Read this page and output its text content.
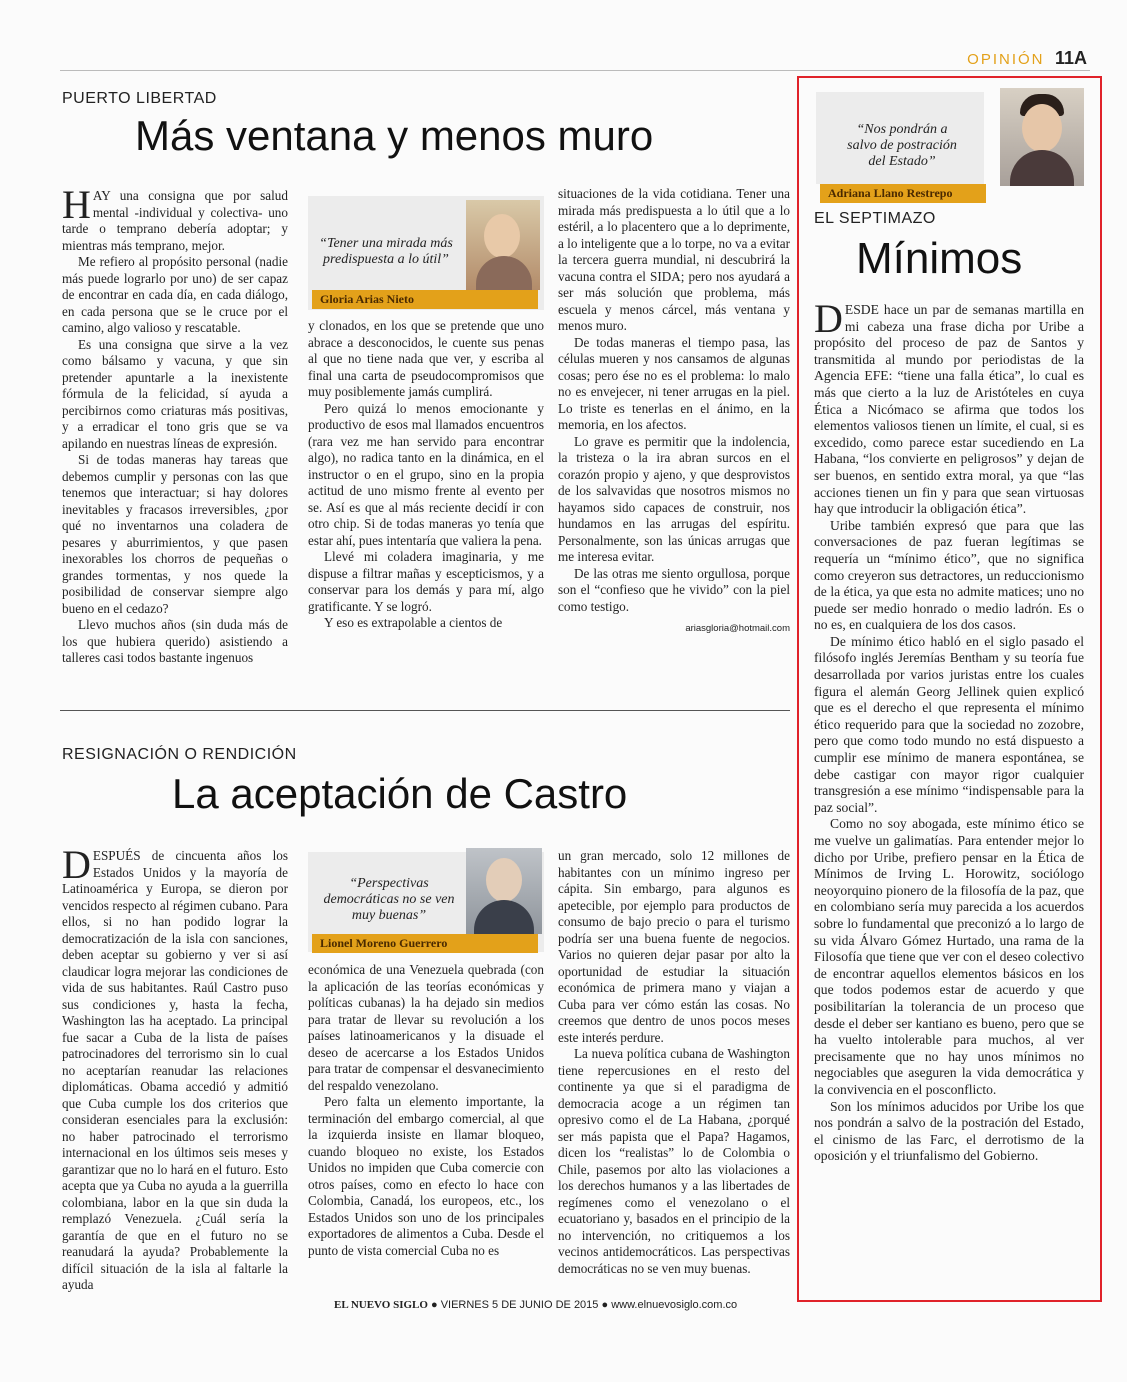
OPINIÓN 11A
PUERTO LIBERTAD
Más ventana y menos muro

HAY una consigna que por salud mental -individual y colectiva- uno tarde o temprano debería adoptar; y mientras más temprano, mejor.

Me refiero al propósito personal (nadie más puede lograrlo por uno) de ser capaz de encontrar en cada día, en cada diálogo, en cada persona que se le cruce por el camino, algo valioso y rescatable.

Es una consigna que sirve a la vez como bálsamo y vacuna, y que sin pretender apuntarle a la inexistente fórmula de la felicidad, sí ayuda a percibirnos como criaturas más positivas, y a erradicar el tono gris que se va apilando en nuestras líneas de expresión.

Si de todas maneras hay tareas que debemos cumplir y personas con las que tenemos que interactuar; si hay dolores inevitables y fracasos irreversibles, ¿por qué no inventarnos una coladera de pesares y aburrimientos, y que pasen inexorables los chorros de pequeñas o grandes tormentas, y nos quede la posibilidad de conservar siempre algo bueno en el cedazo?

Llevo muchos años (sin duda más de los que hubiera querido) asistiendo a talleres casi todos bastante ingenuos

“Tener una mirada más predispuesta a lo útil”
Gloria Arias Nieto

y clonados, en los que se pretende que uno abrace a desconocidos, le cuente sus penas al que no tiene nada que ver, y escriba al final una carta de pseudocompromisos que muy posiblemente jamás cumplirá.

Pero quizá lo menos emocionante y productivo de esos mal llamados encuentros (rara vez me han servido para encontrar algo), no radica tanto en la dinámica, en el instructor o en el grupo, sino en la propia actitud de uno mismo frente al evento per se. Así es que al más reciente decidí ir con otro chip. Si de todas maneras yo tenía que estar ahí, pues intentaría que valiera la pena.

Llevé mi coladera imaginaria, y me dispuse a filtrar mañas y escepticismos, y a conservar para los demás y para mí, algo gratificante. Y se logró.

Y eso es extrapolable a cientos de

situaciones de la vida cotidiana. Tener una mirada más predispuesta a lo útil que a lo estéril, a lo placentero que a lo deprimente, a lo inteligente que a lo torpe, no va a evitar la tercera guerra mundial, ni descubrirá la vacuna contra el SIDA; pero nos ayudará a ser más solución que problema, más escuela y menos cárcel, más ventana y menos muro.

De todas maneras el tiempo pasa, las células mueren y nos cansamos de algunas cosas; pero ése no es el problema: lo malo no es envejecer, ni tener arrugas en la piel. Lo triste es tenerlas en el ánimo, en la memoria, en los afectos.

Lo grave es permitir que la indolencia, la tristeza o la ira abran surcos en el corazón propio y ajeno, y que desprovistos de los salvavidas que nosotros mismos no hayamos sido capaces de construir, nos hundamos en las arrugas del espíritu. Personalmente, son las únicas arrugas que me interesa evitar.

De las otras me siento orgullosa, porque son el “confieso que he vivido” con la piel como testigo.

ariasgloria@hotmail.com

RESIGNACIÓN O RENDICIÓN
La aceptación de Castro

DESPUÉS de cincuenta años los Estados Unidos y la mayoría de Latinoamérica y Europa, se dieron por vencidos respecto al régimen cubano. Para ellos, si no han podido lograr la democratización de la isla con sanciones, deben aceptar su gobierno y ver si así claudicar logra mejorar las condiciones de vida de sus habitantes. Raúl Castro puso sus condiciones y, hasta la fecha, Washington las ha aceptado. La principal fue sacar a Cuba de la lista de países patrocinadores del terrorismo sin lo cual no aceptarían reanudar las relaciones diplomáticas. Obama accedió y admitió que Cuba cumple los dos criterios que consideran esenciales para la exclusión: no haber patrocinado el terrorismo internacional en los últimos seis meses y garantizar que no lo hará en el futuro. Esto acepta que ya Cuba no ayuda a la guerrilla colombiana, labor en la que sin duda la remplazó Venezuela. ¿Cuál sería la garantía de que en el futuro no se reanudará la ayuda? Probablemente la difícil situación de la isla al faltarle la ayuda

“Perspectivas democráticas no se ven muy buenas”
Lionel Moreno Guerrero

económica de una Venezuela quebrada (con la aplicación de las teorías económicas y políticas cubanas) la ha dejado sin medios para tratar de llevar su revolución a los países latinoamericanos y la disuade el deseo de acercarse a los Estados Unidos para tratar de compensar el desvanecimiento del respaldo venezolano.

Pero falta un elemento importante, la terminación del embargo comercial, al que la izquierda insiste en llamar bloqueo, cuando bloqueo no existe, los Estados Unidos no impiden que Cuba comercie con otros países, como en efecto lo hace con Colombia, Canadá, los europeos, etc., los Estados Unidos son uno de los principales exportadores de alimentos a Cuba. Desde el punto de vista comercial Cuba no es

un gran mercado, solo 12 millones de habitantes con un mínimo ingreso per cápita. Sin embargo, para algunos es apetecible, por ejemplo para productos de consumo de bajo precio o para el turismo podría ser una buena fuente de negocios. Varios no quieren dejar pasar por alto la oportunidad de estudiar la situación económica de primera mano y viajan a Cuba para ver cómo están las cosas. No creemos que dentro de unos pocos meses este interés perdure.

La nueva política cubana de Washington tiene repercusiones en el resto del continente ya que si el paradigma de democracia acoge a un régimen tan opresivo como el de La Habana, ¿porqué ser más papista que el Papa? Hagamos, dicen los “realistas” lo de Colombia o Chile, pasemos por alto las violaciones a los derechos humanos y a las libertades de regímenes como el venezolano o el ecuatoriano y, basados en el principio de la no intervención, no critiquemos a los vecinos antidemocráticos. Las perspectivas democráticas no se ven muy buenas.

“Nos pondrán a salvo de postración del Estado”
Adriana Llano Restrepo
EL SEPTIMAZO
Mínimos

DESDE hace un par de semanas martilla en mi cabeza una frase dicha por Uribe a propósito del proceso de paz de Santos y transmitida al mundo por periodistas de la Agencia EFE: “tiene una falla ética”, lo cual es más que cierto a la luz de Aristóteles en cuya Ética a Nicómaco se afirma que todos los elementos valiosos tienen un límite, el cual, si es excedido, como parece estar sucediendo en La Habana, “los convierte en peligrosos” y dejan de ser buenos, en sentido extra moral, ya que “las acciones tienen un fin y para que sean virtuosas hay que introducir la obligación ética”.

Uribe también expresó que para que las conversaciones de paz fueran legítimas se requería un “mínimo ético”, que no significa como creyeron sus detractores, un reduccionismo de la ética, ya que esta no admite matices; uno no puede ser medio honrado o medio ladrón. Es o no es, en cualquiera de los dos casos.

De mínimo ético habló en el siglo pasado el filósofo inglés Jeremías Bentham y su teoría fue desarrollada por varios juristas entre los cuales figura el alemán Georg Jellinek quien explicó que es el derecho el que representa el mínimo ético requerido para que la sociedad no zozobre, pero que como todo mundo no está dispuesto a cumplir ese mínimo de manera espontánea, se debe castigar con mayor rigor cualquier transgresión a ese mínimo “indispensable para la paz social”.

Como no soy abogada, este mínimo ético se me vuelve un galimatías. Para entender mejor lo dicho por Uribe, prefiero pensar en la Ética de Mínimos de Irving L. Horowitz, sociólogo neoyorquino pionero de la filosofía de la paz, que en colombiano sería muy parecida a los acuerdos sobre lo fundamental que preconizó a lo largo de su vida Álvaro Gómez Hurtado, una rama de la Filosofía que tiene que ver con el deseo colectivo de encontrar aquellos elementos básicos en los que todos podemos estar de acuerdo y que posibilitarían la tolerancia de un proceso que desde el deber ser kantiano es bueno, pero que se ha vuelto intolerable para muchos, al ver precisamente que no hay unos mínimos no negociables que aseguren la vida democrática y la convivencia en el posconflicto.

Son los mínimos aducidos por Uribe los que nos pondrán a salvo de la postración del Estado, el cinismo de las Farc, el derrotismo de la oposición y el triunfalismo del Gobierno.

EL NUEVO SIGLO ● VIERNES 5 DE JUNIO DE 2015 ● www.elnuevosiglo.com.co
